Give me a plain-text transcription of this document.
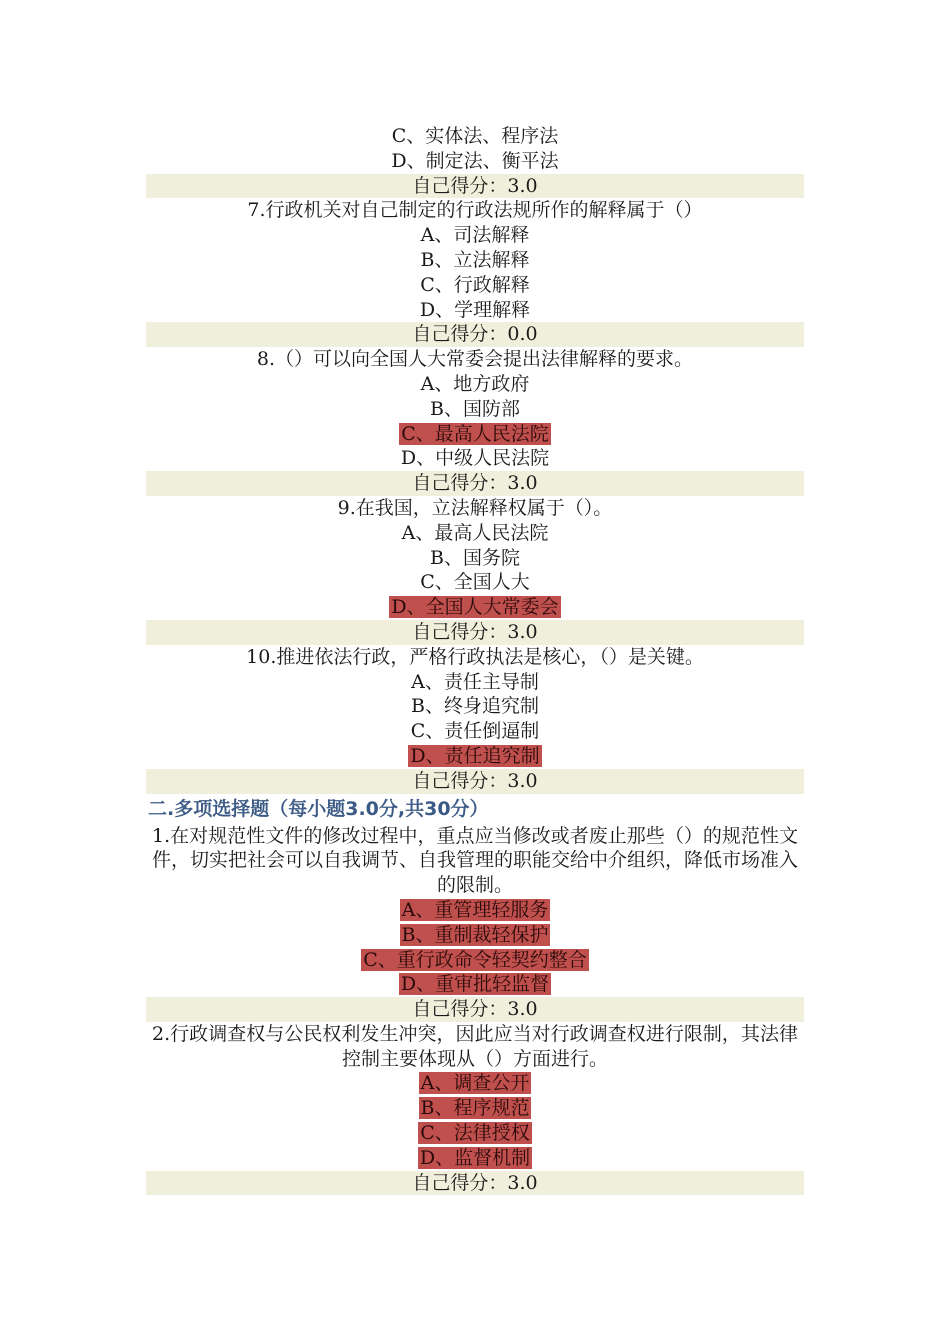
C、实体法、程序法
D、制定法、衡平法
自己得分：3.0
7.行政机关对自己制定的行政法规所作的解释属于（）
A、司法解释
B、立法解释
C、行政解释
D、学理解释
自己得分：0.0
8.（）可以向全国人大常委会提出法律解释的要求。
A、地方政府
B、国防部
C、最高人民法院
D、中级人民法院
自己得分：3.0
9.在我国，立法解释权属于（）。
A、最高人民法院
B、国务院
C、全国人大
D、全国人大常委会
自己得分：3.0
10.推进依法行政，严格行政执法是核心，（）是关键。
A、责任主导制
B、终身追究制
C、责任倒逼制
D、责任追究制
自己得分：3.0
二.多项选择题（每小题3.0分,共30分）
1.在对规范性文件的修改过程中，重点应当修改或者废止那些（）的规范性文件，切实把社会可以自我调节、自我管理的职能交给中介组织，降低市场准入的限制。
A、重管理轻服务
B、重制裁轻保护
C、重行政命令轻契约整合
D、重审批轻监督
自己得分：3.0
2.行政调查权与公民权利发生冲突，因此应当对行政调查权进行限制，其法律控制主要体现从（）方面进行。
A、调查公开
B、程序规范
C、法律授权
D、监督机制
自己得分：3.0
